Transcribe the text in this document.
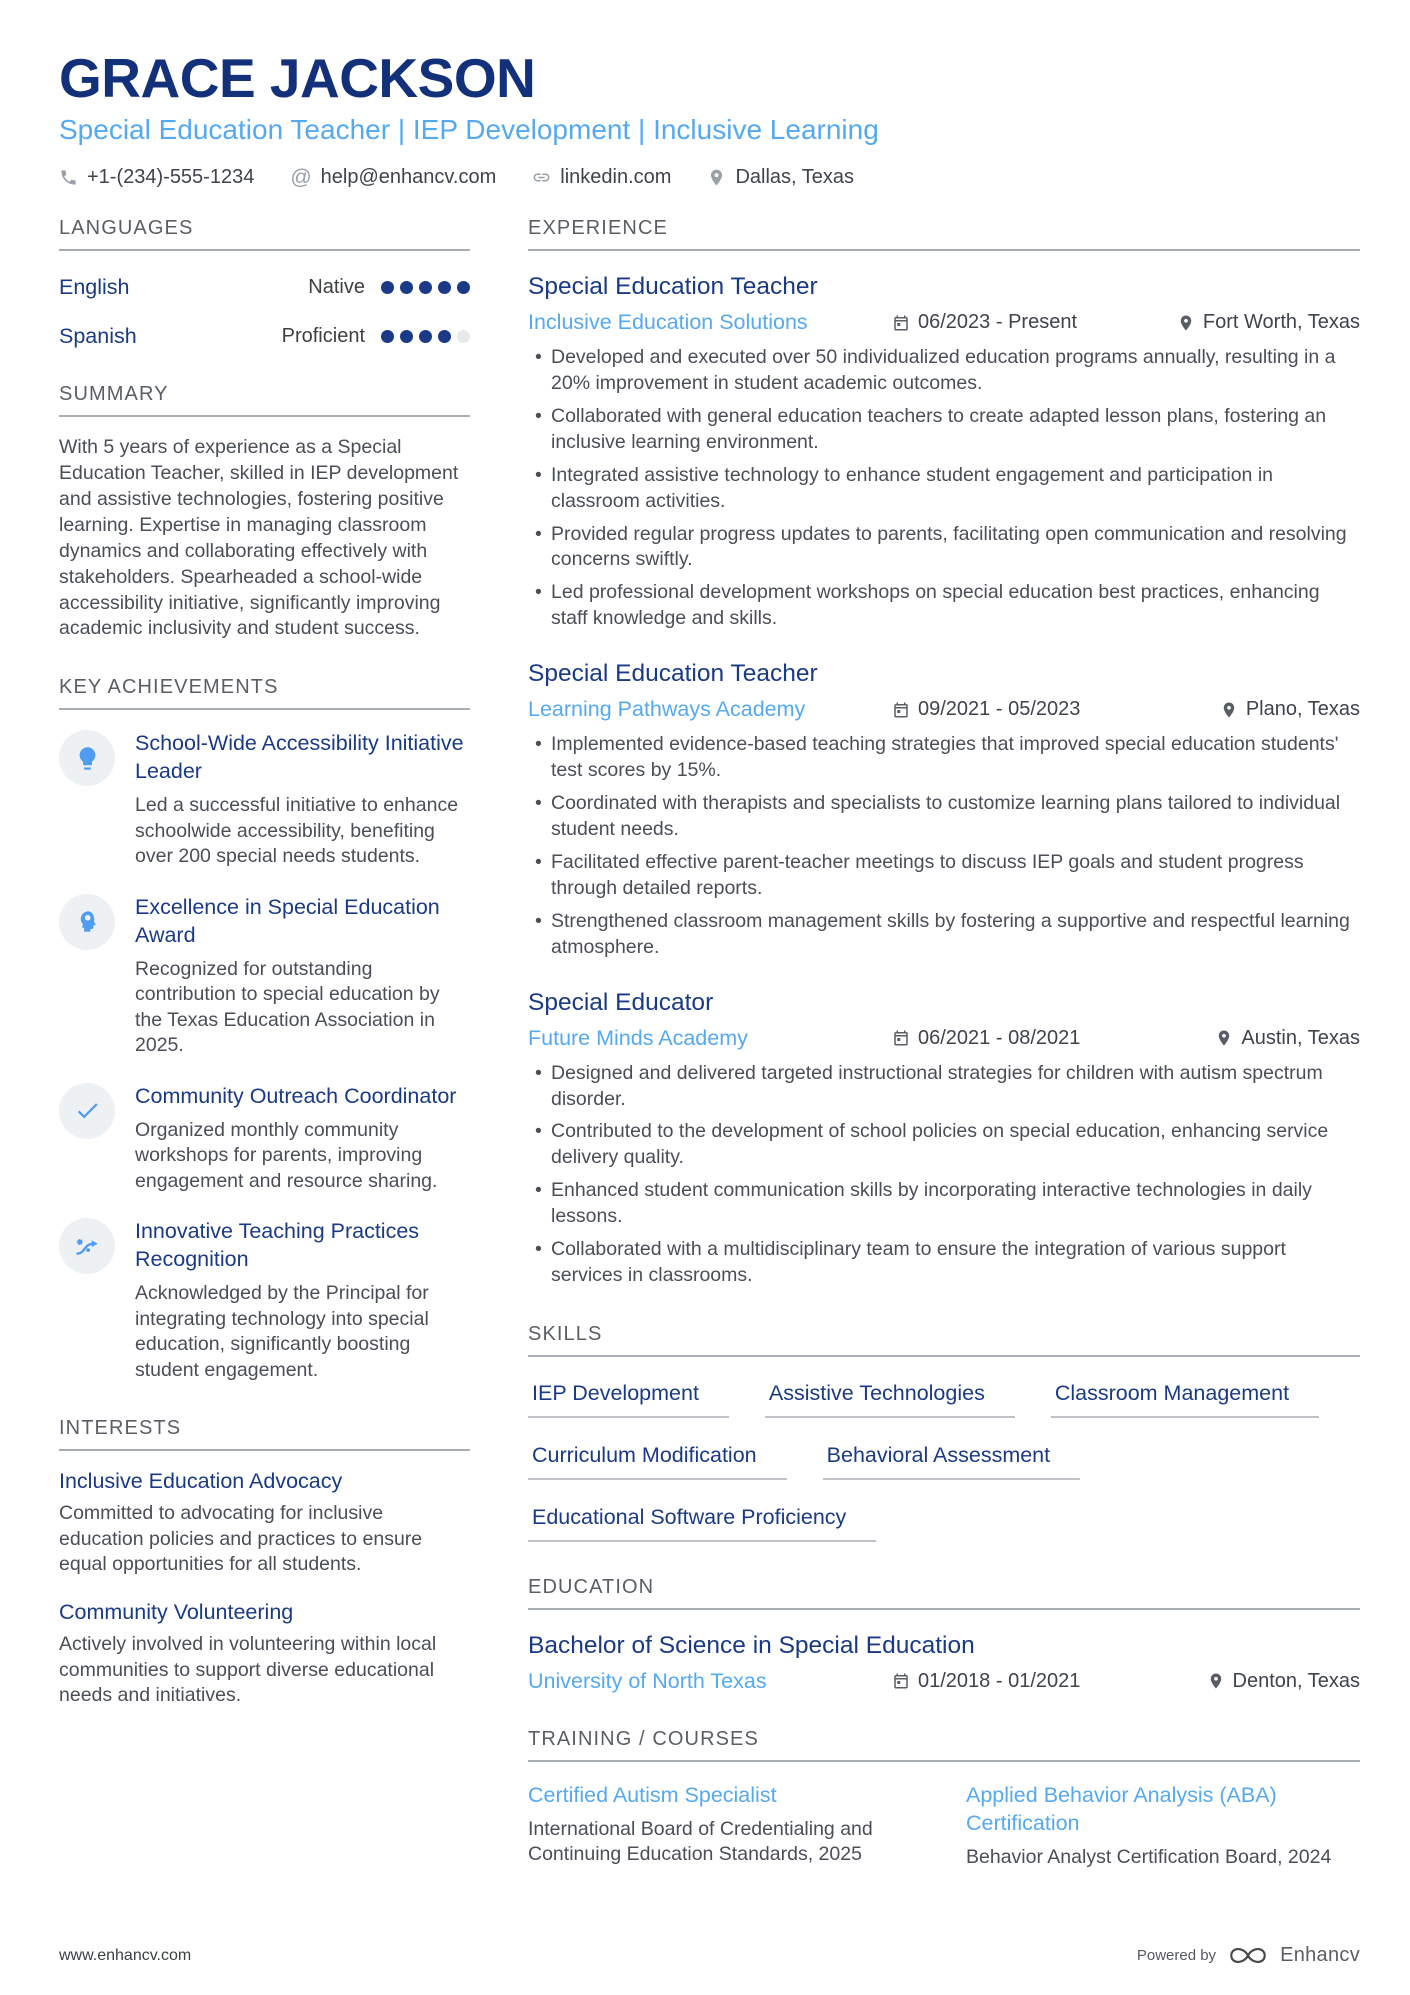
GRACE JACKSON
Special Education Teacher | IEP Development | Inclusive Learning
+1-(234)-555-1234 @ help@enhancv.com	linkedin.com	Dallas, Texas
LANGUAGES
English	Native
Spanish	Proficient
SUMMARY

With 5 years of experience as a Special Education Teacher, skilled in IEP development and assistive technologies, fostering positive learning. Expertise in managing classroom dynamics and collaborating effectively with stakeholders. Spearheaded a school-wide accessibility initiative, significantly improving academic inclusivity and student success.

KEY ACHIEVEMENTS
School-Wide Accessibility Initiative Leader
Led a successful initiative to enhance schoolwide accessibility, benefiting over 200 special needs students.
Excellence in Special Education Award
Recognized for outstanding contribution to special education by the Texas Education Association in 2025.
Community Outreach Coordinator
Organized monthly community workshops for parents, improving engagement and resource sharing.
Innovative Teaching Practices Recognition
Acknowledged by the Principal for integrating technology into special education, significantly boosting student engagement.
INTERESTS
Inclusive Education Advocacy
Committed to advocating for inclusive education policies and practices to ensure equal opportunities for all students.
Community Volunteering
Actively involved in volunteering within local communities to support diverse educational needs and initiatives.
EXPERIENCE
Special Education Teacher
Inclusive Education Solutions	06/2023 - Present	Fort Worth, Texas
• Developed and executed over 50 individualized education programs annually, resulting in a 20% improvement in student academic outcomes.
• Collaborated with general education teachers to create adapted lesson plans, fostering an inclusive learning environment.
• Integrated assistive technology to enhance student engagement and participation in classroom activities.
• Provided regular progress updates to parents, facilitating open communication and resolving concerns swiftly.
• Led professional development workshops on special education best practices, enhancing staff knowledge and skills.
Special Education Teacher
Learning Pathways Academy	09/2021 - 05/2023	Plano, Texas
• Implemented evidence-based teaching strategies that improved special education students' test scores by 15%.
• Coordinated with therapists and specialists to customize learning plans tailored to individual student needs.
• Facilitated effective parent-teacher meetings to discuss IEP goals and student progress through detailed reports.
• Strengthened classroom management skills by fostering a supportive and respectful learning atmosphere.
Special Educator
Future Minds Academy	06/2021 - 08/2021	Austin, Texas
• Designed and delivered targeted instructional strategies for children with autism spectrum disorder.
• Contributed to the development of school policies on special education, enhancing service delivery quality.
• Enhanced student communication skills by incorporating interactive technologies in daily lessons.
• Collaborated with a multidisciplinary team to ensure the integration of various support services in classrooms.
SKILLS
IEP Development	Assistive Technologies	Classroom Management
Curriculum Modification	Behavioral Assessment
Educational Software Proficiency
EDUCATION
Bachelor of Science in Special Education
University of North Texas	01/2018 - 01/2021	Denton, Texas
TRAINING / COURSES
Certified Autism Specialist
International Board of Credentialing and Continuing Education Standards, 2025
Applied Behavior Analysis (ABA) Certification
Behavior Analyst Certification Board, 2024
www.enhancv.com	Powered by	Enhancv
